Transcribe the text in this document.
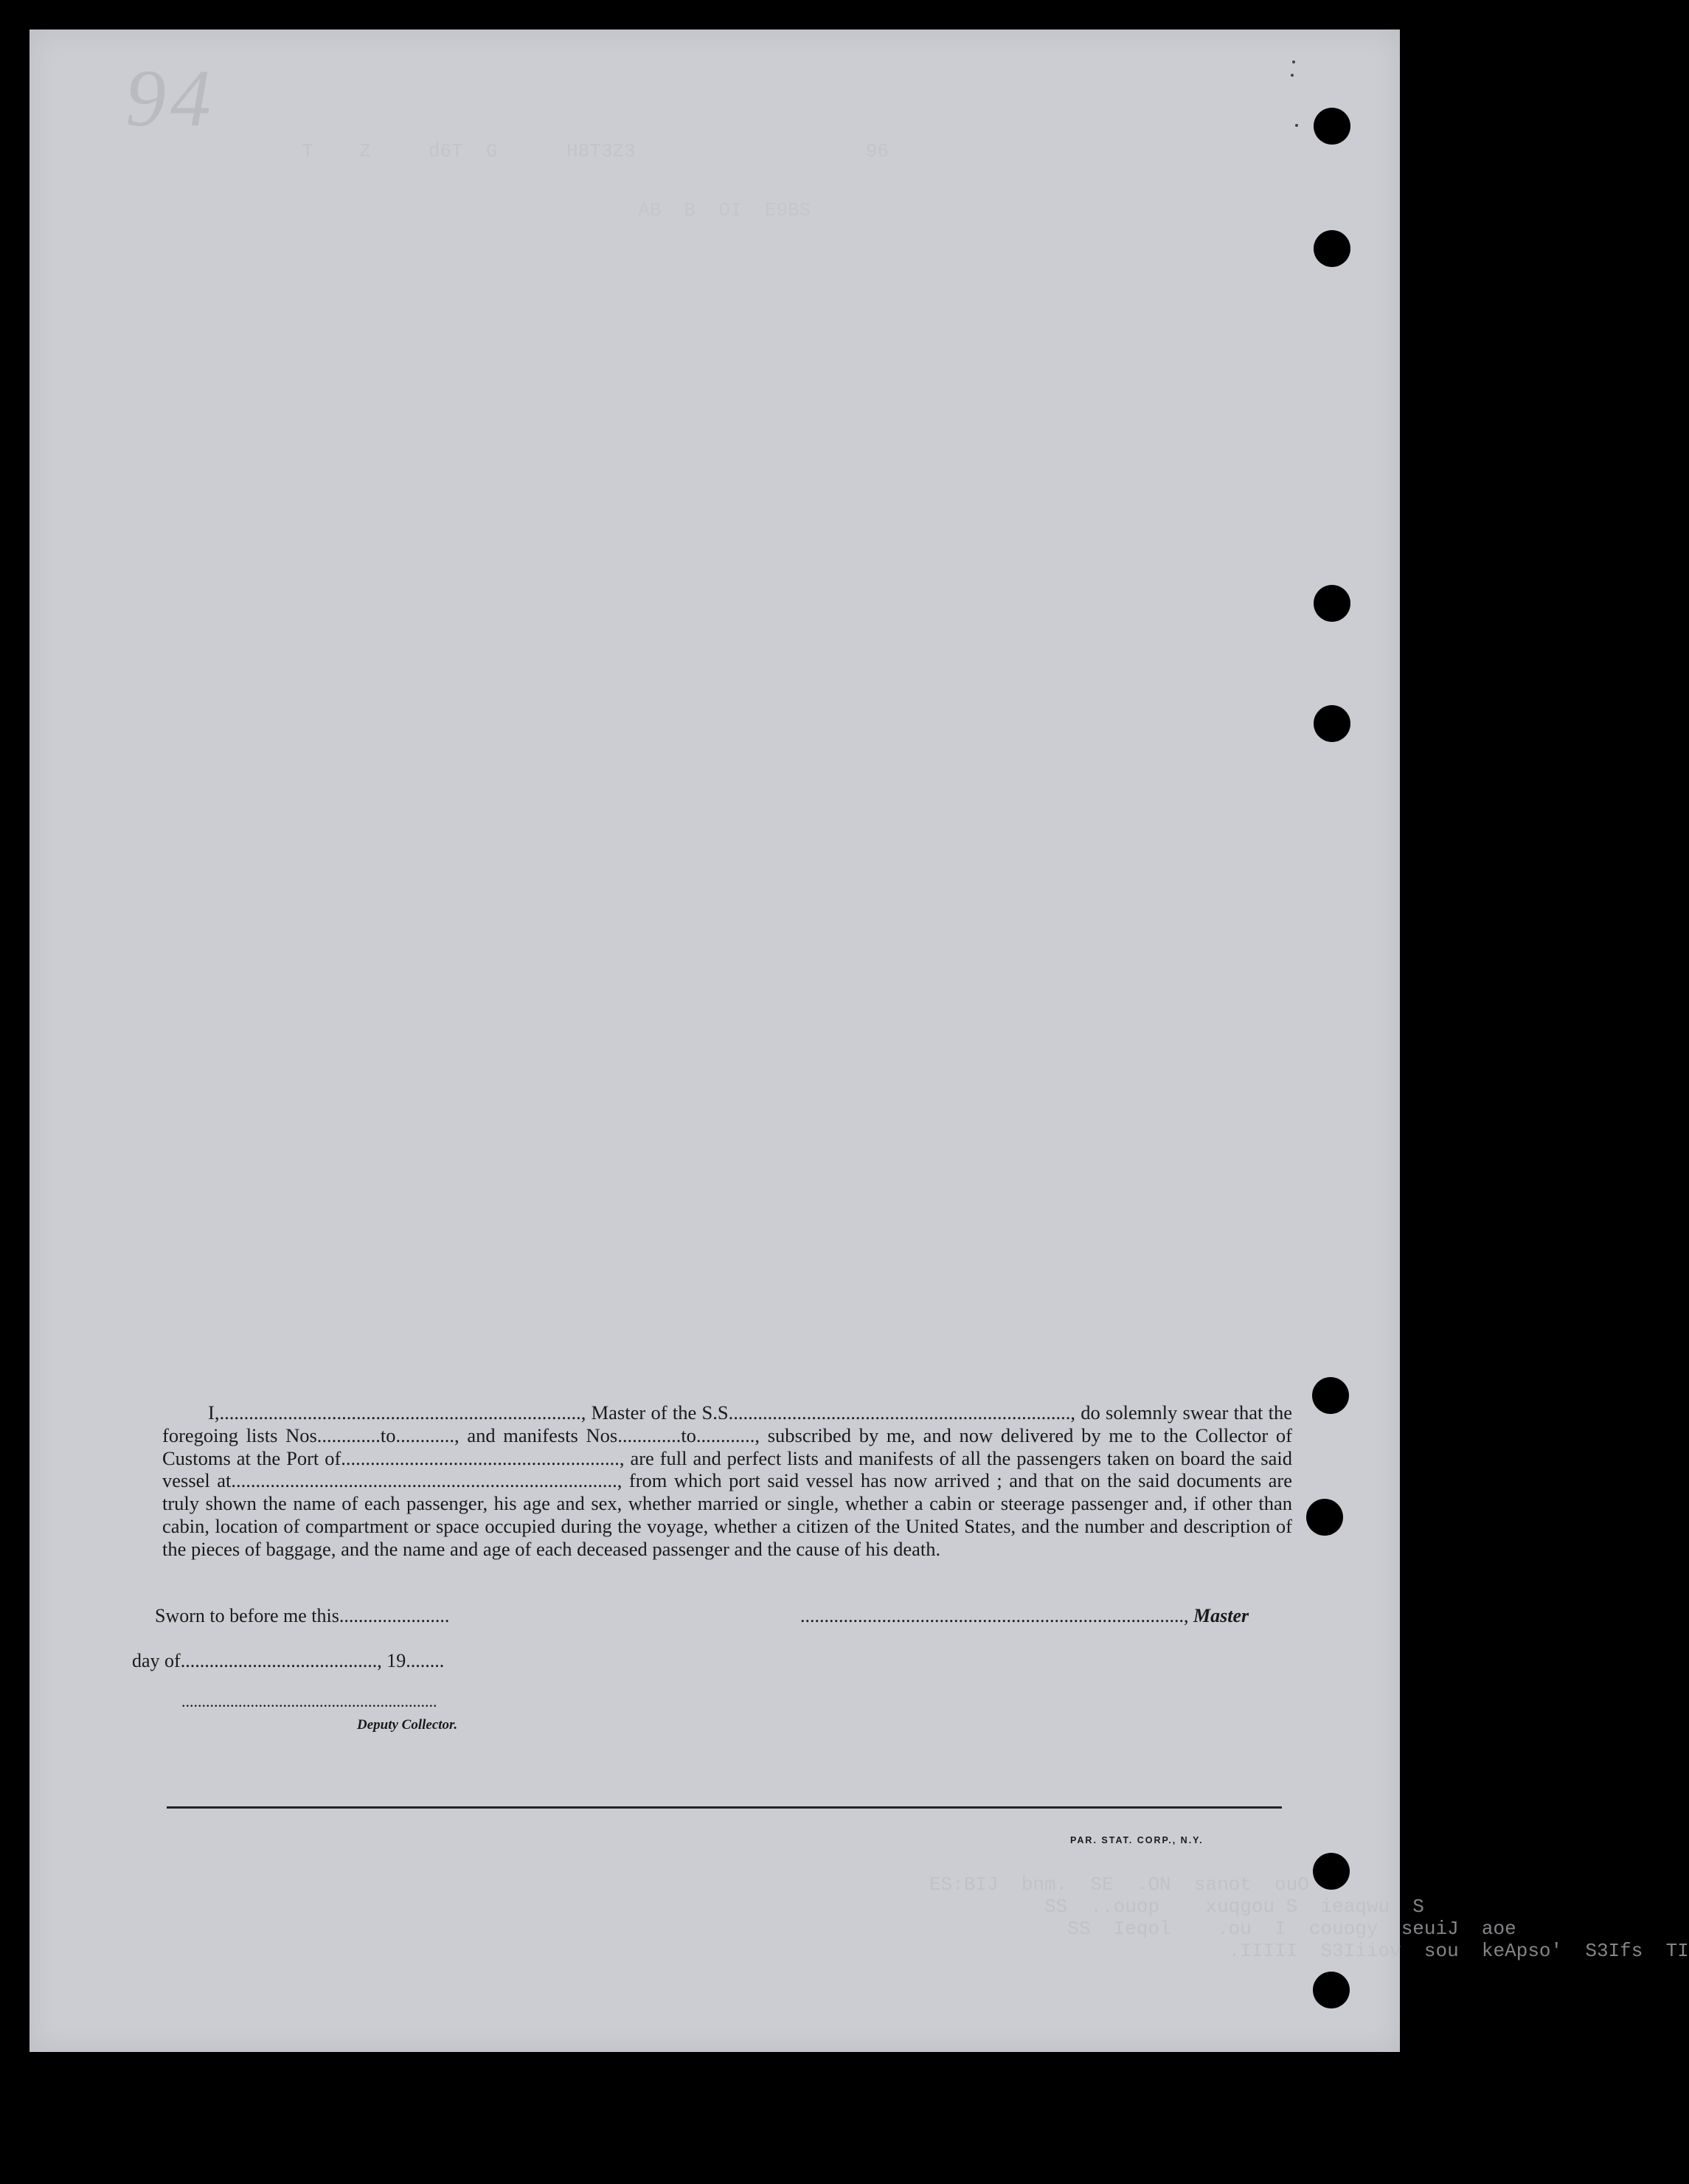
94
T    Z     d6T  G      H8T3Z3                    96
AB  B  OI  E9BS
ES:BIJ  bnm.  SE  .ON  sanot  ouO
SS  ..ouop    xuqgou S  ieaqwu  S
SS  Ieqol    .ou  I  couogy  seuiJ  aoe
.IIIII  S3Iiiov  sou  keApso'  S3Ifs  TI

I,.........................................................................., Master of the S.S......................................................................, do solemnly swear that the foregoing lists Nos.............to............, and manifests Nos.............to............, subscribed by me, and now delivered by me to the Collector of Customs at the Port of........................................................., are full and perfect lists and manifests of all the passengers taken on board the said vessel at..............................................................................., from which port said vessel has now arrived ; and that on the said documents are truly shown the name of each passenger, his age and sex, whether married or single, whether a cabin or steerage passenger and, if other than cabin, location of compartment or space occupied during the voyage, whether a citizen of the United States, and the number and description of the pieces of baggage, and the name and age of each deceased passenger and the cause of his death.

Sworn to before me this.......................	................................................................................, Master
day of........................................., 19........
...............................................................
Deputy Collector.
PAR. STAT. CORP., N.Y.
